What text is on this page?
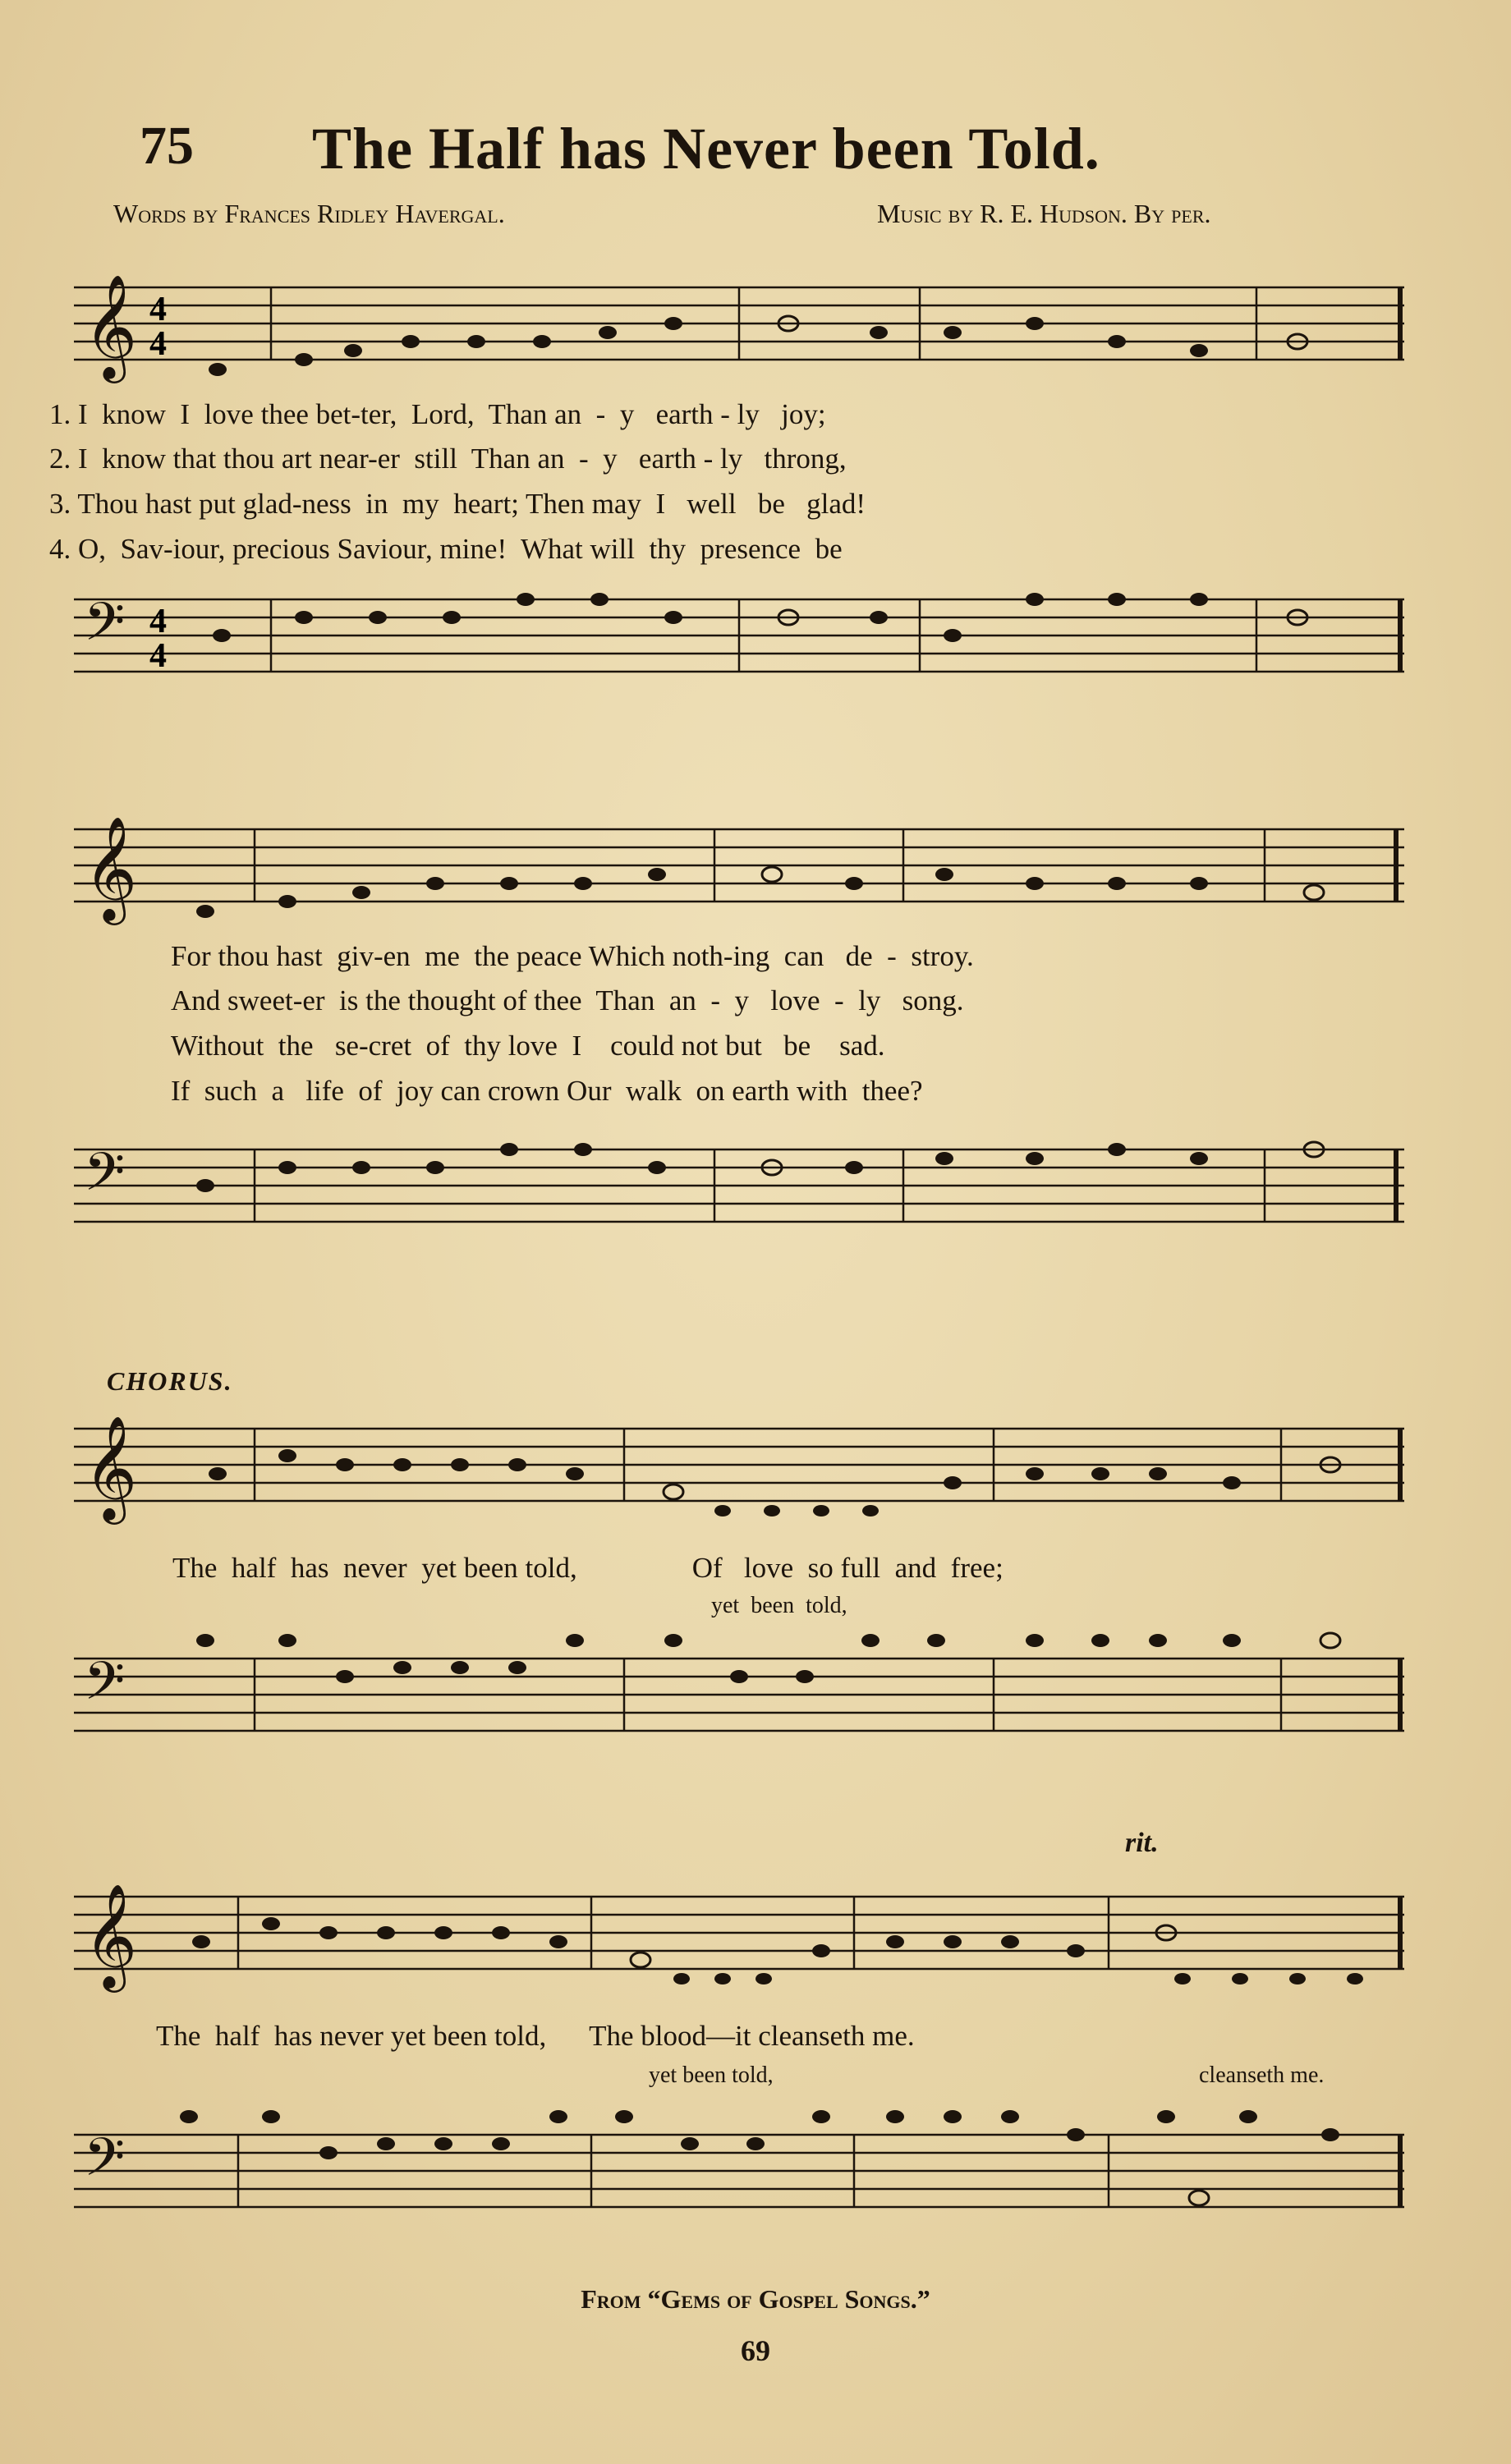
75 The Half has Never been Told.
Words by Frances Ridley Havergal.	Music by R. E. Hudson. By per.
𝄞 4
4
1. I  know  I  love thee bet-ter,  Lord,  Than an  -  y   earth - ly   joy;
2. I  know that thou art near-er  still  Than an  -  y   earth - ly   throng,
3. Thou hast put glad-ness  in  my  heart; Then may  I   well   be   glad!
4. O,  Sav-iour, precious Saviour, mine!  What will  thy  presence  be
𝄢 4
4
𝄞
For thou hast  giv-en  me  the peace Which noth-ing  can   de  -  stroy.
And sweet-er  is the thought of thee  Than  an  -  y   love  -  ly   song.
Without  the   se-cret  of  thy love  I    could not but   be    sad.
If  such  a   life  of  joy can crown Our  walk  on earth with  thee?
𝄢
CHORUS.
𝄞
The  half  has  never  yet been told,                Of   love  so full  and  free;
yet  been  told,
𝄢
rit.
𝄞
The  half  has never yet been told,      The blood—it cleanseth me.
yet been told,	cleanseth me.
𝄢
From “Gems of Gospel Songs.”
69
